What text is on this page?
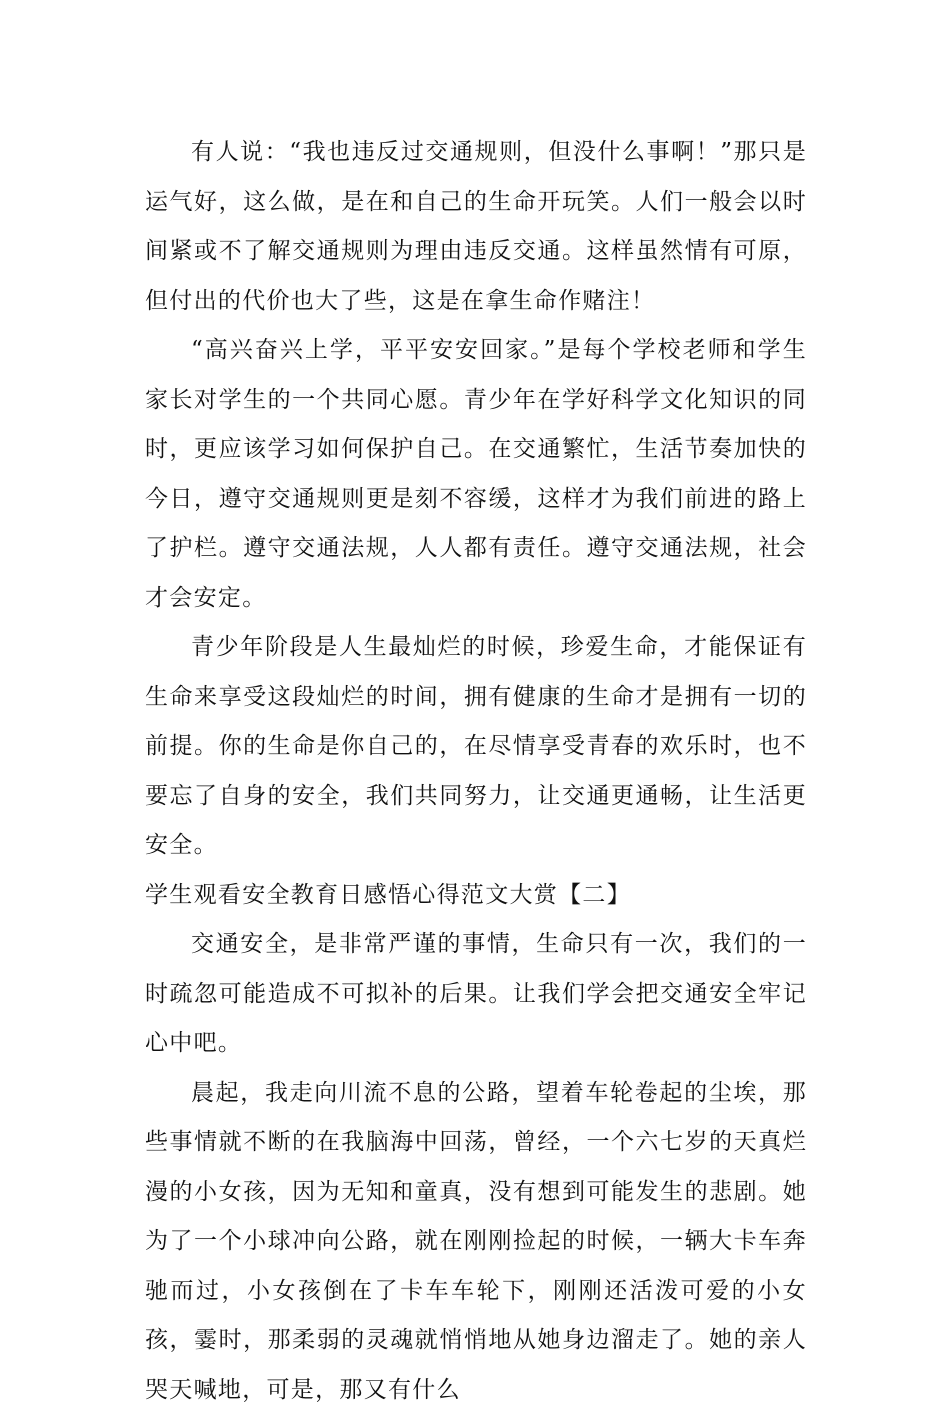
有人说：“我也违反过交通规则，但没什么事啊！”那只是运气好，这么做，是在和自己的生命开玩笑。人们一般会以时间紧或不了解交通规则为理由违反交通。这样虽然情有可原，但付出的代价也大了些，这是在拿生命作赌注！

“高兴奋兴上学，平平安安回家。”是每个学校老师和学生家长对学生的一个共同心愿。青少年在学好科学文化知识的同时，更应该学习如何保护自己。在交通繁忙，生活节奏加快的今日，遵守交通规则更是刻不容缓，这样才为我们前进的路上了护栏。遵守交通法规，人人都有责任。遵守交通法规，社会才会安定。

青少年阶段是人生最灿烂的时候，珍爱生命，才能保证有生命来享受这段灿烂的时间，拥有健康的生命才是拥有一切的前提。你的生命是你自己的，在尽情享受青春的欢乐时，也不要忘了自身的安全，我们共同努力，让交通更通畅，让生活更安全。

学生观看安全教育日感悟心得范文大赏【二】

交通安全，是非常严谨的事情，生命只有一次，我们的一时疏忽可能造成不可拟补的后果。让我们学会把交通安全牢记心中吧。

晨起，我走向川流不息的公路，望着车轮卷起的尘埃，那些事情就不断的在我脑海中回荡，曾经，一个六七岁的天真烂漫的小女孩，因为无知和童真，没有想到可能发生的悲剧。她为了一个小球冲向公路，就在刚刚捡起的时候，一辆大卡车奔驰而过，小女孩倒在了卡车车轮下，刚刚还活泼可爱的小女孩，霎时，那柔弱的灵魂就悄悄地从她身边溜走了。她的亲人哭天喊地，可是，那又有什么
